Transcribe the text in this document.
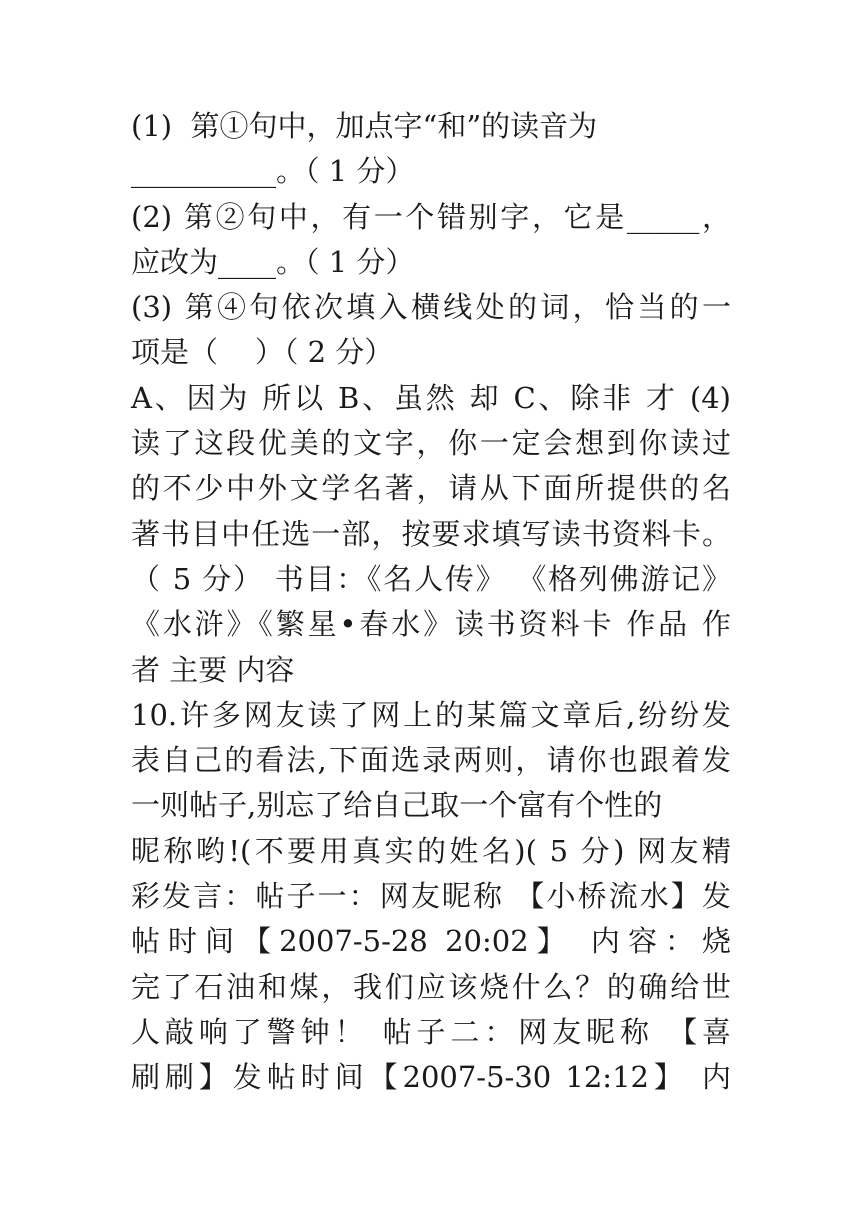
(1)  第①句中，加点字“和”的读音为
__________。（ 1 分）
(2) 第②句中，有一个错别字，它是_____，
应改为____。（ 1 分）
(3) 第④句依次填入横线处的词，恰当的一
项是（    ）（ 2 分）
A、因为 所以 B、虽然 却 C、除非 才 (4)
读了这段优美的文字，你一定会想到你读过
的不少中外文学名著，请从下面所提供的名
著书目中任选一部，按要求填写读书资料卡。
（ 5 分） 书目：《名人传》 《格列佛游记》
《水浒》《繁星•春水》读书资料卡 作品 作
者 主要 内容
10.许多网友读了网上的某篇文章后,纷纷发
表自己的看法,下面选录两则，请你也跟着发
一则帖子,别忘了给自己取一个富有个性的
昵称哟!(不要用真实的姓名)( 5 分) 网友精
彩发言：帖子一：网友昵称 【小桥流水】发
帖时间【2007-5-28 20:02】 内容：烧
完了石油和煤，我们应该烧什么？的确给世
人敲响了警钟！ 帖子二：网友昵称 【喜
刷刷】发帖时间【2007-5-30 12:12】 内
